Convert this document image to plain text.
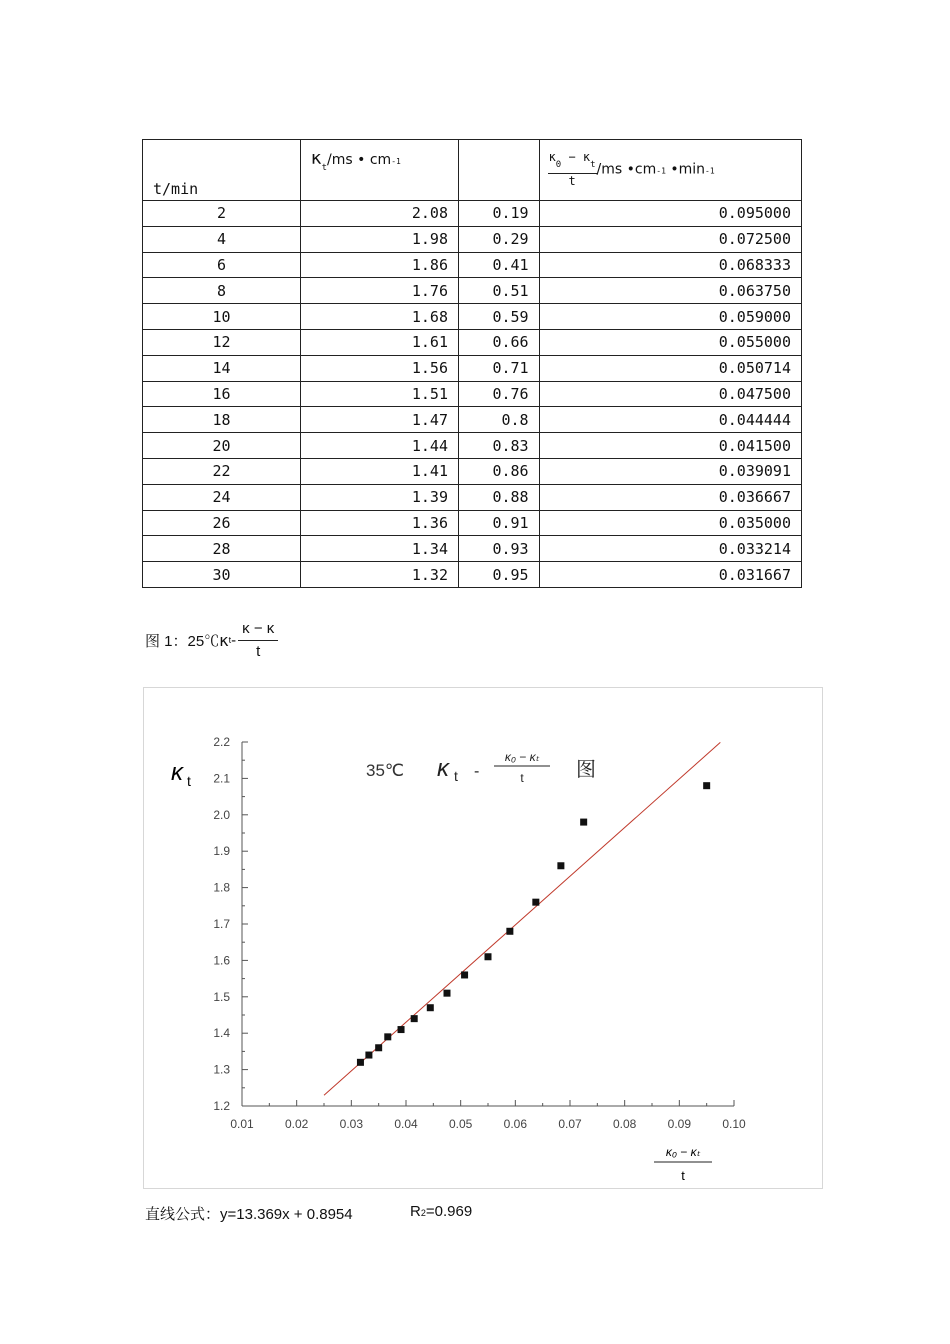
t/min	$\kappa_t/ms$ • cm-1		$\frac{\kappa_0 - \kappa_t}{t} /ms$ •cm-1 •min-1
2	2.08	0.19	0.095000
4	1.98	0.29	0.072500
6	1.86	0.41	0.068333
8	1.76	0.51	0.063750
10	1.68	0.59	0.059000
12	1.61	0.66	0.055000
14	1.56	0.71	0.050714
16	1.51	0.76	0.047500
18	1.47	0.8	0.044444
20	1.44	0.83	0.041500
22	1.41	0.86	0.039091
24	1.39	0.88	0.036667
26	1.36	0.91	0.035000
28	1.34	0.93	0.033214
30	1.32	0.95	0.031667
图 1：25℃ κ t - $\frac{\kappa - \kappa}{t}$
1.2
1.3
1.4
1.5
1.6
1.7
1.8
1.9
2.0
2.1
2.2
0.01	0.02	0.03	0.04	0.05	0.06	0.07	0.08	0.09	0.10
κ t
35℃ κ t -
κ₀ − κₜ
t	图
κ₀ − κₜ
t
直线公式：y=13.369x + 0.8954	R2=0.969
